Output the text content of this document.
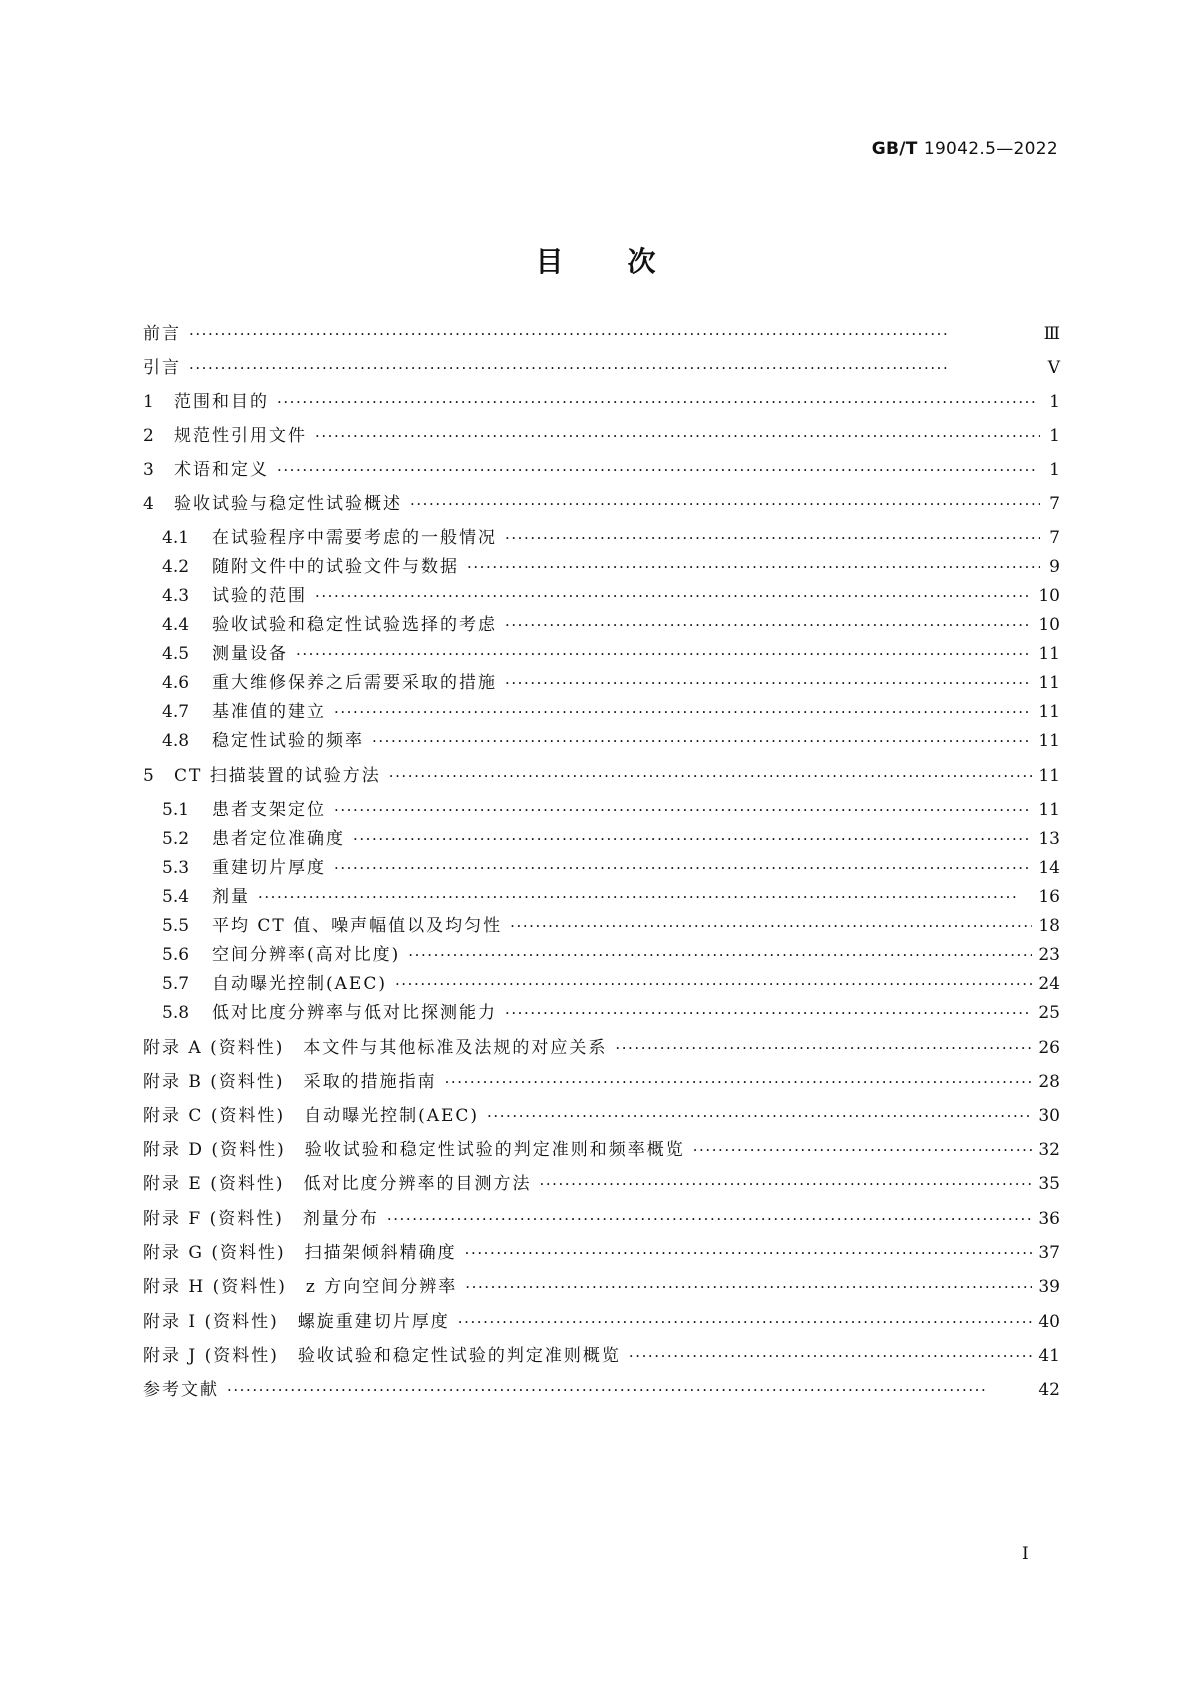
GB/T 19042.5—2022
目次
前言 · · ·	Ⅲ
引言 · · ·	Ⅴ
1	范围和目的 · · ·	1
2	规范性引用文件 · · ·	1
3	术语和定义 · · ·	1
4	验收试验与稳定性试验概述 · · ·	7
4.1	在试验程序中需要考虑的一般情况 · · ·	7
4.2	随附文件中的试验文件与数据 · · ·	9
4.3	试验的范围 · · ·	10
4.4	验收试验和稳定性试验选择的考虑 · · ·	10
4.5	测量设备 · · ·	11
4.6	重大维修保养之后需要采取的措施 · · ·	11
4.7	基准值的建立 · · ·	11
4.8	稳定性试验的频率 · · ·	11
5	CT 扫描装置的试验方法 · · ·	11
5.1	患者支架定位 · · ·	11
5.2	患者定位准确度 · · ·	13
5.3	重建切片厚度 · · ·	14
5.4	剂量 · · ·	16
5.5	平均 CT 值、噪声幅值以及均匀性 · · ·	18
5.6	空间分辨率(高对比度) · · ·	23
5.7	自动曝光控制(AEC) · · ·	24
5.8	低对比度分辨率与低对比探测能力 · · ·	25
附录 A (资料性)　本文件与其他标准及法规的对应关系 · · ·	26
附录 B (资料性)　采取的措施指南 · · ·	28
附录 C (资料性)　自动曝光控制(AEC) · · ·	30
附录 D (资料性)　验收试验和稳定性试验的判定准则和频率概览 · · ·	32
附录 E (资料性)　低对比度分辨率的目测方法 · · ·	35
附录 F (资料性)　剂量分布 · · ·	36
附录 G (资料性)　扫描架倾斜精确度 · · ·	37
附录 H (资料性)　z 方向空间分辨率 · · ·	39
附录 I (资料性)　螺旋重建切片厚度 · · ·	40
附录 J (资料性)　验收试验和稳定性试验的判定准则概览 · · ·	41
参考文献 · · ·	42
I
